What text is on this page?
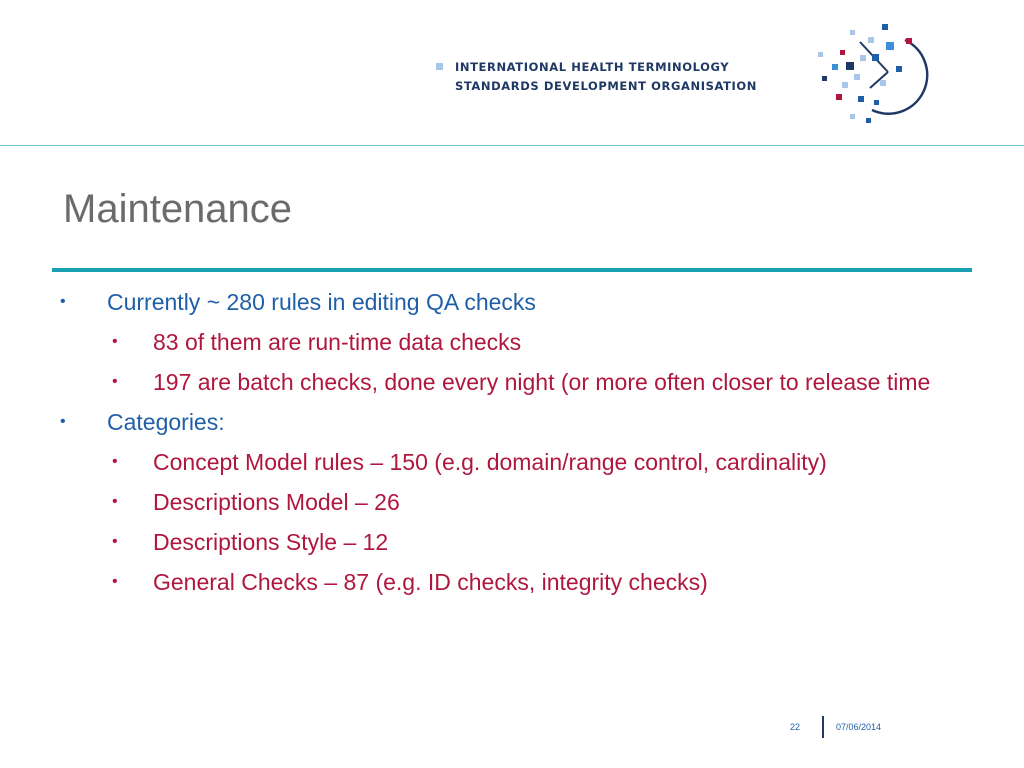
INTERNATIONAL HEALTH TERMINOLOGY
STANDARDS DEVELOPMENT ORGANISATION
Maintenance
• Currently ~ 280 rules in editing QA checks
• 83 of them are run-time data checks
• 197 are batch checks, done every night (or more often closer to release time
• Categories:
• Concept Model rules – 150 (e.g. domain/range control, cardinality)
• Descriptions Model – 26
• Descriptions Style – 12
• General Checks – 87 (e.g. ID checks, integrity checks)
22	07/06/2014
